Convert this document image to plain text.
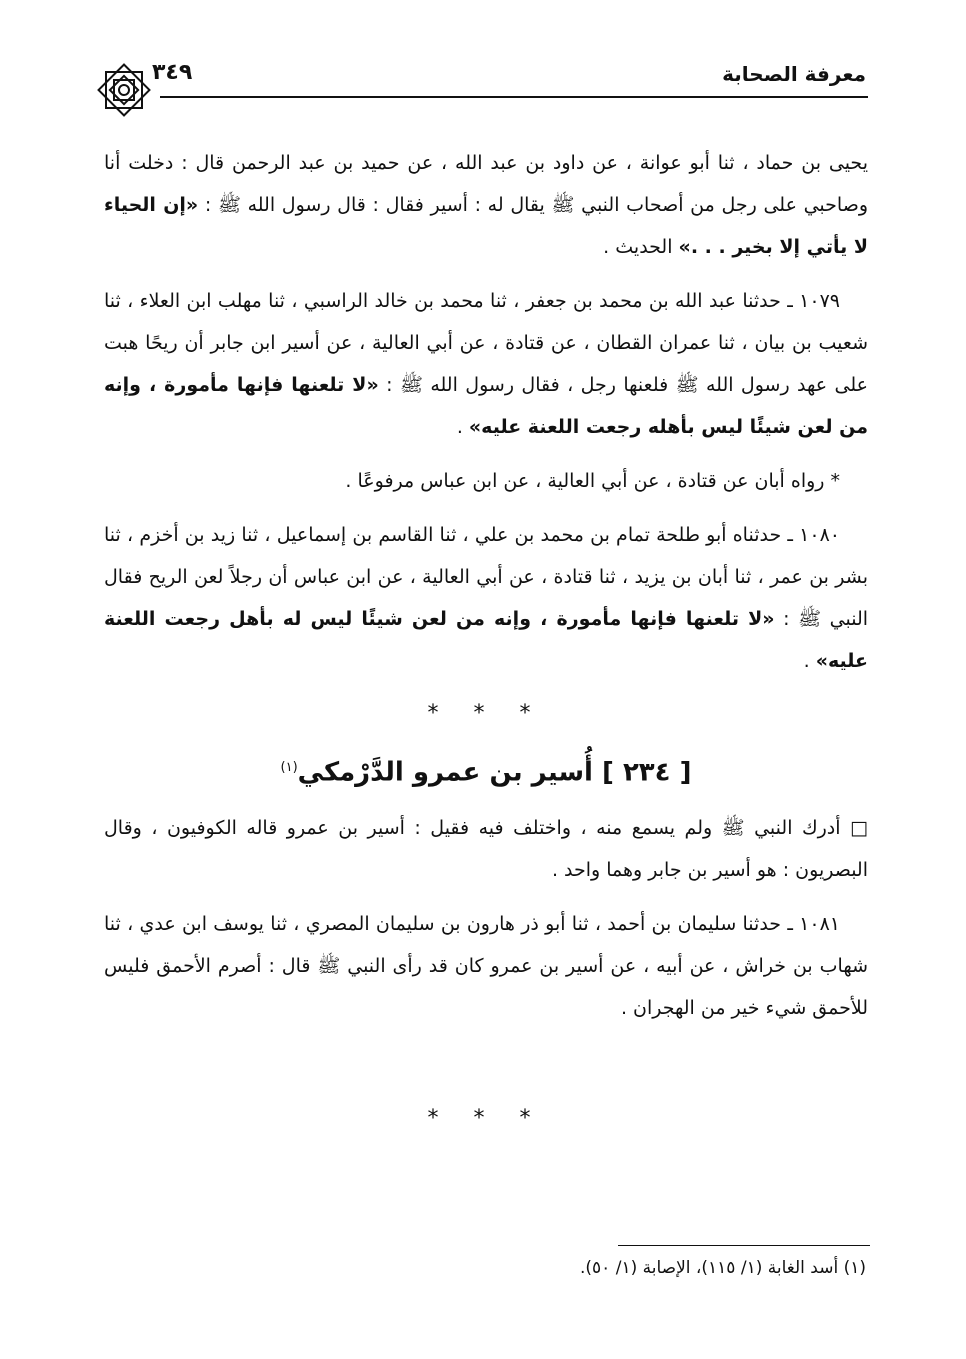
معرفة الصحابة
٣٤٩

يحيى بن حماد ، ثنا أبو عوانة ، عن داود بن عبد الله ، عن حميد بن عبد الرحمن قال : دخلت أنا وصاحبي على رجل من أصحاب النبي ﷺ يقال له : أسير فقال : قال رسول الله ﷺ : «إن الحياء لا يأتي إلا بخير . . .» الحديث .

١٠٧٩ ـ حدثنا عبد الله بن محمد بن جعفر ، ثنا محمد بن خالد الراسبي ، ثنا مهلب ابن العلاء ، ثنا شعيب بن بيان ، ثنا عمران القطان ، عن قتادة ، عن أبي العالية ، عن أسير ابن جابر أن ريحًا هبت على عهد رسول الله ﷺ فلعنها رجل ، فقال رسول الله ﷺ : «لا تلعنها فإنها مأمورة ، وإنه من لعن شيئًا ليس بأهله رجعت اللعنة عليه» .

* رواه أبان عن قتادة ، عن أبي العالية ، عن ابن عباس مرفوعًا .

١٠٨٠ ـ حدثناه أبو طلحة تمام بن محمد بن علي ، ثنا القاسم بن إسماعيل ، ثنا زيد بن أخزم ، ثنا بشر بن عمر ، ثنا أبان بن يزيد ، ثنا قتادة ، عن أبي العالية ، عن ابن عباس أن رجلاً لعن الريح فقال النبي ﷺ : «لا تلعنها فإنها مأمورة ، وإنه من لعن شيئًا ليس له بأهل رجعت اللعنة عليه» .

* * *
[ ٢٣٤ ] أُسير بن عمرو الدَّرْمكي$^{(١)}$

□ أدرك النبي ﷺ ولم يسمع منه ، واختلف فيه فقيل : أسير بن عمرو قاله الكوفيون ، وقال البصريون : هو أسير بن جابر وهما واحد .

١٠٨١ ـ حدثنا سليمان بن أحمد ، ثنا أبو ذر هارون بن سليمان المصري ، ثنا يوسف ابن عدي ، ثنا شهاب بن خراش ، عن أبيه ، عن أسير بن عمرو كان قد رأى النبي ﷺ قال : أصرم الأحمق فليس للأحمق شيء خير من الهجران .

* * *
(١) أسد الغابة (١/ ١١٥)، الإصابة (١/ ٥٠).
